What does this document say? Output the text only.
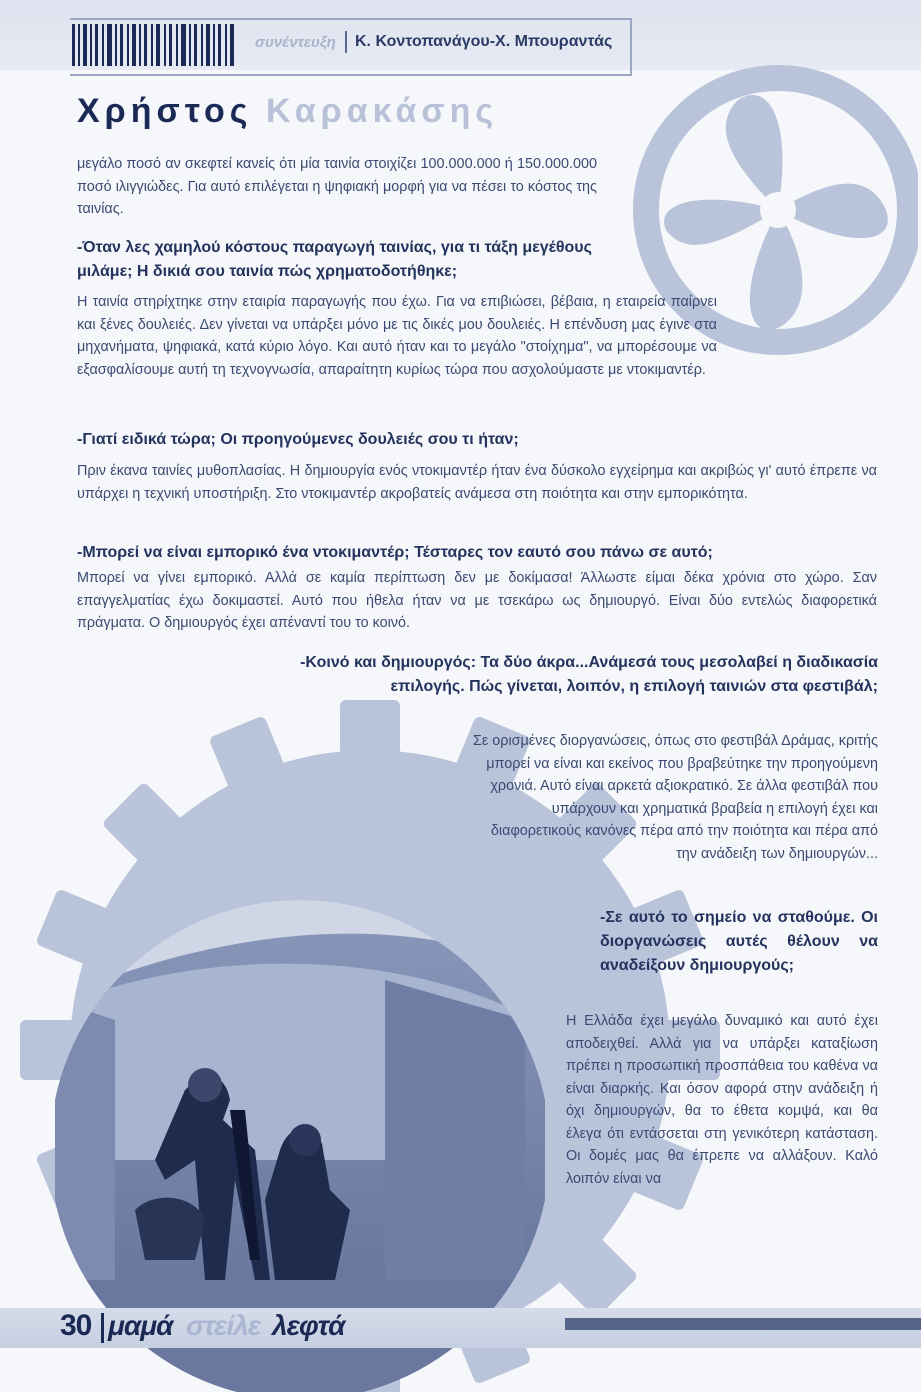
συνέντευξη Κ. Κοντοπανάγου-Χ. Μπουραντάς
Χρήστος Καρακάσης

μεγάλο ποσό αν σκεφτεί κανείς ότι μία ταινία στοιχίζει 100.000.000 ή 150.000.000 ποσό ιλιγγιώδες. Για αυτό επιλέγεται η ψηφιακή μορφή για να πέσει το κόστος της ταινίας.

-Όταν λες χαμηλού κόστους παραγωγή ταινίας, για τι τάξη μεγέθους μιλάμε; Η δικιά σου ταινία πώς χρηματοδοτήθηκε;

Η ταινία στηρίχτηκε στην εταιρία παραγωγής που έχω. Για να επιβιώσει, βέβαια, η εταιρεία παίρνει και ξένες δουλειές. Δεν γίνεται να υπάρξει μόνο με τις δικές μου δουλειές. Η επένδυση μας έγινε στα μηχανήματα, ψηφιακά, κατά κύριο λόγο. Και αυτό ήταν και το μεγάλο "στοίχημα", να μπορέσουμε να εξασφαλίσουμε αυτή τη τεχνογνωσία, απαραίτητη κυρίως τώρα που ασχολούμαστε με ντοκιμαντέρ.

-Γιατί ειδικά τώρα; Οι προηγούμενες δουλειές σου τι ήταν;

Πριν έκανα ταινίες μυθοπλασίας. Η δημιουργία ενός ντοκιμαντέρ ήταν ένα δύσκολο εγχείρημα και ακριβώς γι' αυτό έπρεπε να υπάρχει η τεχνική υποστήριξη. Στο ντοκιμαντέρ ακροβατείς ανάμεσα στη ποιότητα και στην εμπορικότητα.

-Μπορεί να είναι εμπορικό ένα ντοκιμαντέρ; Τέσταρες τον εαυτό σου πάνω σε αυτό;

Μπορεί να γίνει εμπορικό. Αλλά σε καμία περίπτωση δεν με δοκίμασα! Άλλωστε είμαι δέκα χρόνια στο χώρο. Σαν επαγγελματίας έχω δοκιμαστεί. Αυτό που ήθελα ήταν να με τσεκάρω ως δημιουργό. Είναι δύο εντελώς διαφορετικά πράγματα. Ο δημιουργός έχει απέναντί του το κοινό.

-Κοινό και δημιουργός: Τα δύο άκρα...Ανάμεσά τους μεσολαβεί η διαδικασία επιλογής. Πώς γίνεται, λοιπόν, η επιλογή ταινιών στα φεστιβάλ;

Σε ορισμένες διοργανώσεις, όπως στο φεστιβάλ Δράμας, κριτής μπορεί να είναι και εκείνος που βραβεύτηκε την προηγούμενη χρονιά. Αυτό είναι αρκετά αξιοκρατικό. Σε άλλα φεστιβάλ που υπάρχουν και χρηματικά βραβεία η επιλογή έχει και διαφορετικούς κανόνες πέρα από την ποιότητα και πέρα από την ανάδειξη των δημιουργών...

-Σε αυτό το σημείο να σταθούμε. Οι διοργανώσεις αυτές θέλουν να αναδείξουν δημιουργούς;

Η Ελλάδα έχει μεγάλο δυναμικό και αυτό έχει αποδειχθεί. Αλλά για να υπάρξει καταξίωση πρέπει η προσωπική προσπάθεια του καθένα να είναι διαρκής. Και όσον αφορά στην ανάδειξη ή όχι δημιουργών, θα το έθετα κομψά, και θα έλεγα ότι εντάσσεται στη γενικότερη κατάσταση. Οι δομές μας θα έπρεπε να αλλάξουν. Καλό λοιπόν είναι να

30 μαμά στείλε λεφτά
